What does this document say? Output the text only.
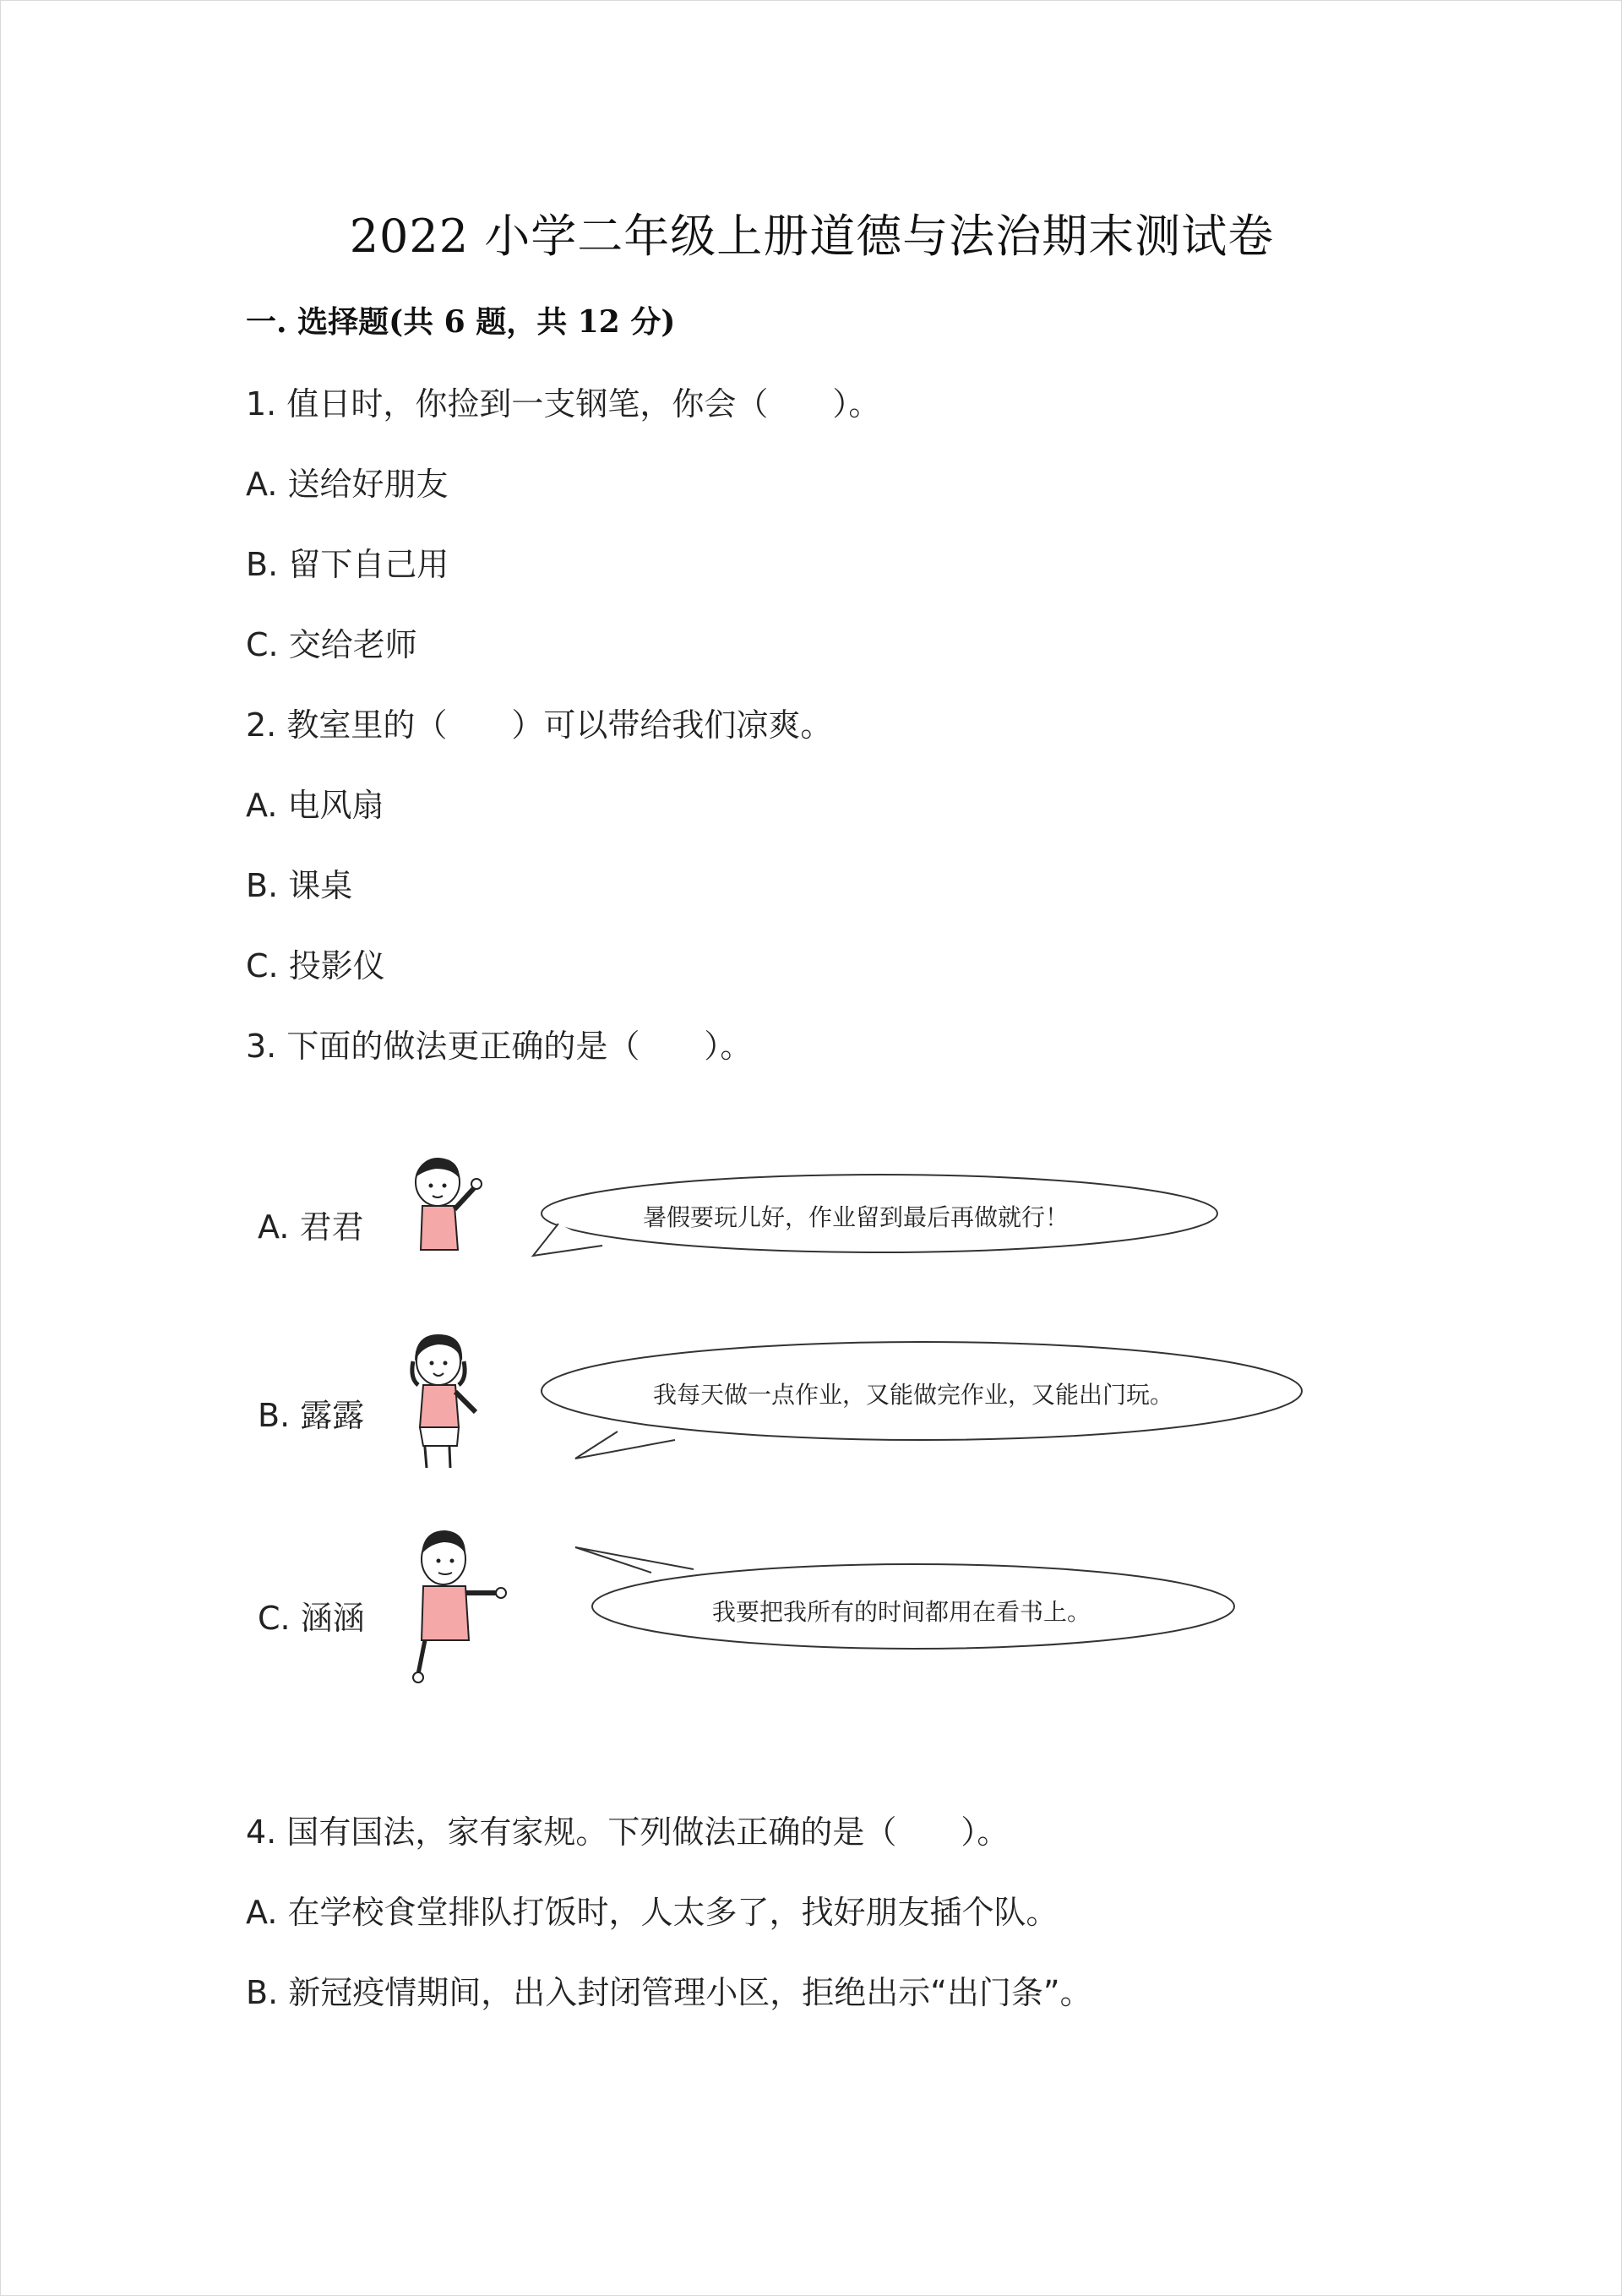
2022 小学二年级上册道德与法治期末测试卷
一. 选择题(共 6 题，共 12 分)
1. 值日时，你捡到一支钢笔，你会（　　）。
A. 送给好朋友
B. 留下自己用
C. 交给老师
2. 教室里的（　　）可以带给我们凉爽。
A. 电风扇
B. 课桌
C. 投影仪
3. 下面的做法更正确的是（　　）。
A. 君君	暑假要玩儿好，作业留到最后再做就行！
B. 露露
我每天做一点作业，又能做完作业，又能出门玩。
C. 涵涵	我要把我所有的时间都用在看书上。
4. 国有国法，家有家规。下列做法正确的是（　　）。
A. 在学校食堂排队打饭时，人太多了，找好朋友插个队。
B. 新冠疫情期间，出入封闭管理小区，拒绝出示“出门条”。
